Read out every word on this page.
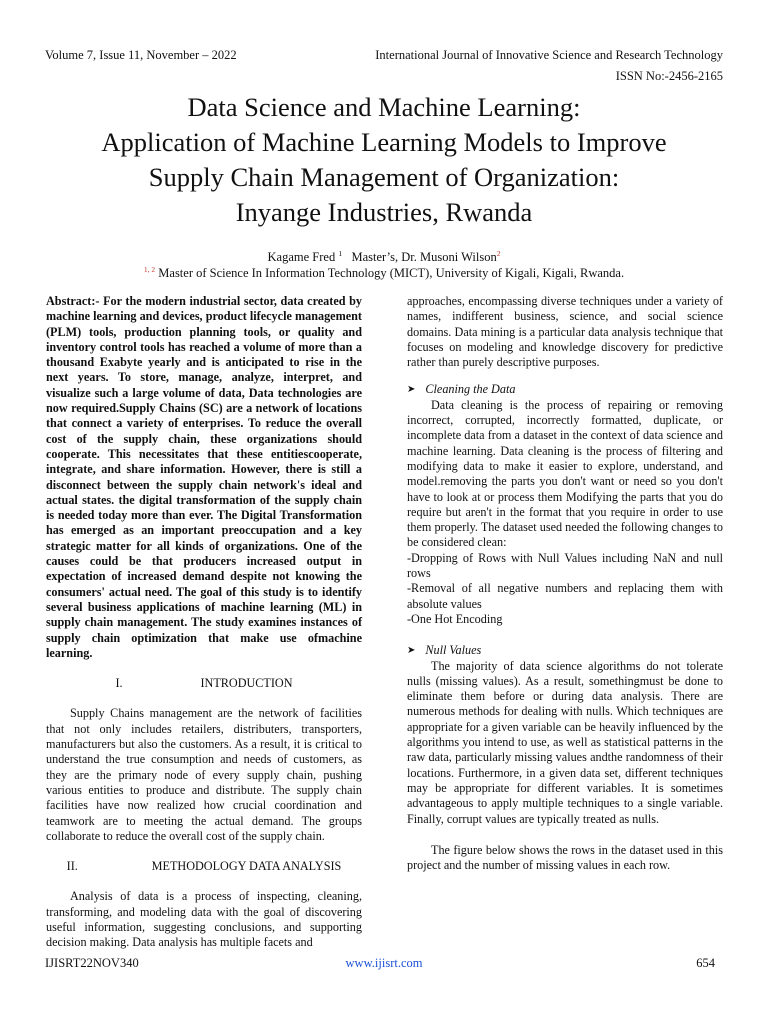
Volume 7, Issue 11, November – 2022	International Journal of Innovative Science and Research Technology
ISSN No:-2456-2165
Data Science and Machine Learning:
Application of Machine Learning Models to Improve
Supply Chain Management of Organization:
Inyange Industries, Rwanda
Kagame Fred $^1$ Master’s, Dr. Musoni Wilson$^2$
$^{1, 2}$ Master of Science In Information Technology (MICT), University of Kigali, Kigali, Rwanda.

Abstract:- For the modern industrial sector, data created by machine learning and devices, product lifecycle management (PLM) tools, production planning tools, or quality and inventory control tools has reached a volume of more than a thousand Exabyte yearly and is anticipated to rise in the next years. To store, manage, analyze, interpret, and visualize such a large volume of data, Data technologies are now required.Supply Chains (SC) are a network of locations that connect a variety of enterprises. To reduce the overall cost of the supply chain, these organizations should cooperate. This necessitates that these entitiescooperate, integrate, and share information. However, there is still a disconnect between the supply chain network's ideal and actual states. the digital transformation of the supply chain is needed today more than ever. The Digital Transformation has emerged as an important preoccupation and a key strategic matter for all kinds of organizations. One of the causes could be that producers increased output in expectation of increased demand despite not knowing the consumers' actual need. The goal of this study is to identify several business applications of machine learning (ML) in supply chain management. The study examines instances of supply chain optimization that make use ofmachine learning.

I.	INTRODUCTION

Supply Chains management are the network of facilities that not only includes retailers, distributers, transporters, manufacturers but also the customers. As a result, it is critical to understand the true consumption and needs of customers, as they are the primary node of every supply chain, pushing various entities to produce and distribute. The supply chain facilities have now realized how crucial coordination and teamwork are to meeting the actual demand. The groups collaborate to reduce the overall cost of the supply chain.

II.	METHODOLOGY DATA ANALYSIS

Analysis of data is a process of inspecting, cleaning, transforming, and modeling data with the goal of discovering useful information, suggesting conclusions, and supporting decision making. Data analysis has multiple facets and

approaches, encompassing diverse techniques under a variety of names, indifferent business, science, and social science domains. Data mining is a particular data analysis technique that focuses on modeling and knowledge discovery for predictive rather than purely descriptive purposes.

➤ Cleaning the Data

Data cleaning is the process of repairing or removing incorrect, corrupted, incorrectly formatted, duplicate, or incomplete data from a dataset in the context of data science and machine learning. Data cleaning is the process of filtering and modifying data to make it easier to explore, understand, and model.removing the parts you don't want or need so you don't have to look at or process them Modifying the parts that you do require but aren't in the format that you require in order to use them properly. The dataset used needed the following changes to be considered clean:

-Dropping of Rows with Null Values including NaN and null rows

-Removal of all negative numbers and replacing them with absolute values

-One Hot Encoding

➤ Null Values

The majority of data science algorithms do not tolerate nulls (missing values). As a result, somethingmust be done to eliminate them before or during data analysis. There are numerous methods for dealing with nulls. Which techniques are appropriate for a given variable can be heavily influenced by the algorithms you intend to use, as well as statistical patterns in the raw data, particularly missing values andthe randomness of their locations. Furthermore, in a given data set, different techniques may be appropriate for different variables. It is sometimes advantageous to apply multiple techniques to a single variable. Finally, corrupt values are typically treated as nulls.

The figure below shows the rows in the dataset used in this project and the number of missing values in each row.

IJISRT22NOV340	www.ijisrt.com	654
